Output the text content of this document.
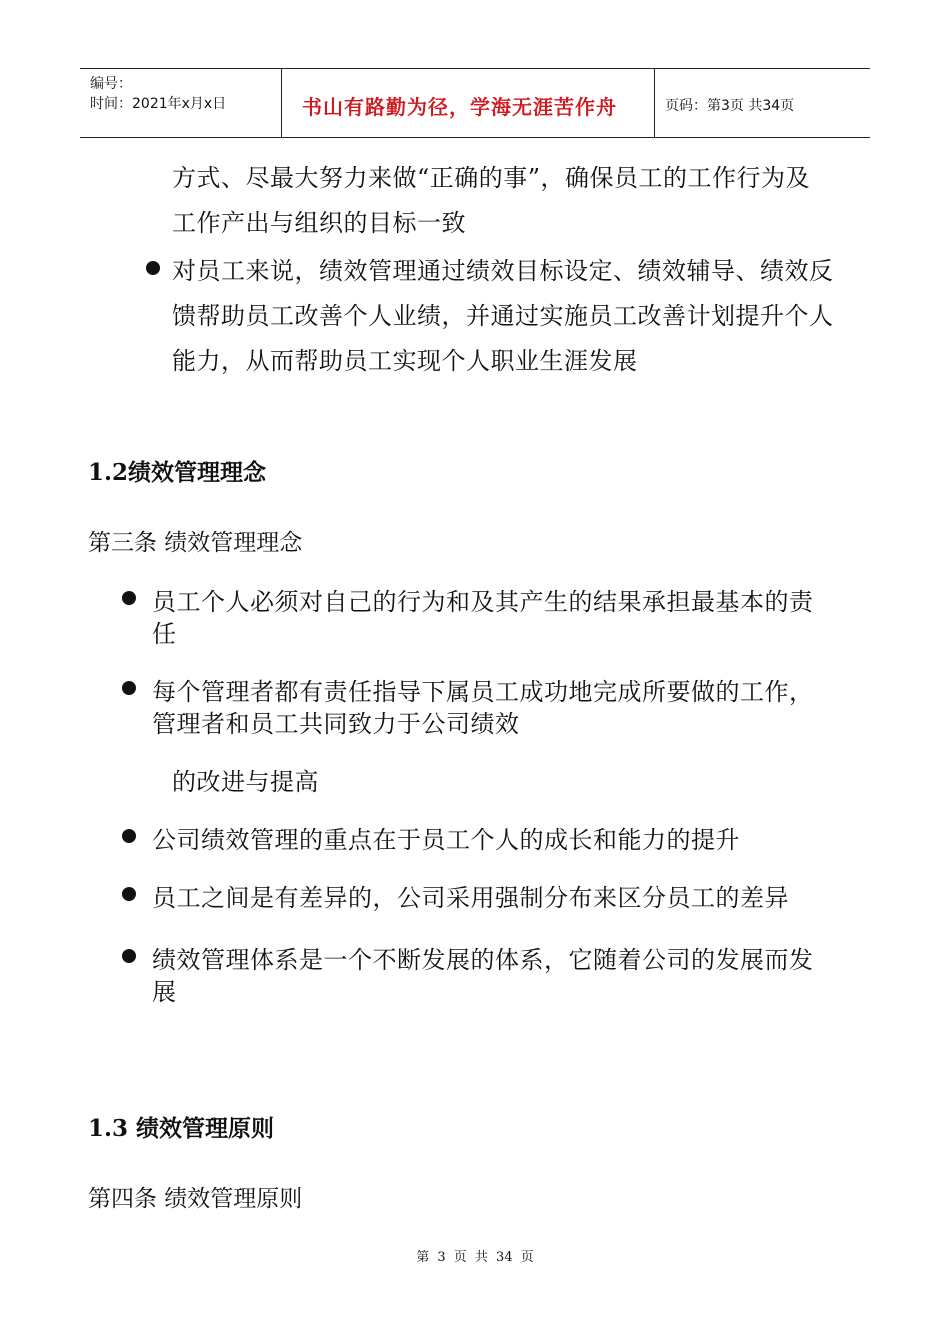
编号：
时间：2021年x月x日	书山有路勤为径，学海无涯苦作舟	页码：第3页 共34页
方式、尽最大努力来做“正确的事”，确保员工的工作行为及
工作产出与组织的目标一致
对员工来说，绩效管理通过绩效目标设定、绩效辅导、绩效反
馈帮助员工改善个人业绩，并通过实施员工改善计划提升个人
能力，从而帮助员工实现个人职业生涯发展
1.2绩效管理理念
第三条 绩效管理理念
员工个人必须对自己的行为和及其产生的结果承担最基本的责
任
每个管理者都有责任指导下属员工成功地完成所要做的工作，
管理者和员工共同致力于公司绩效
的改进与提高
公司绩效管理的重点在于员工个人的成长和能力的提升
员工之间是有差异的，公司采用强制分布来区分员工的差异
绩效管理体系是一个不断发展的体系，它随着公司的发展而发
展
1.3 绩效管理原则
第四条 绩效管理原则
第 3 页 共 34 页
